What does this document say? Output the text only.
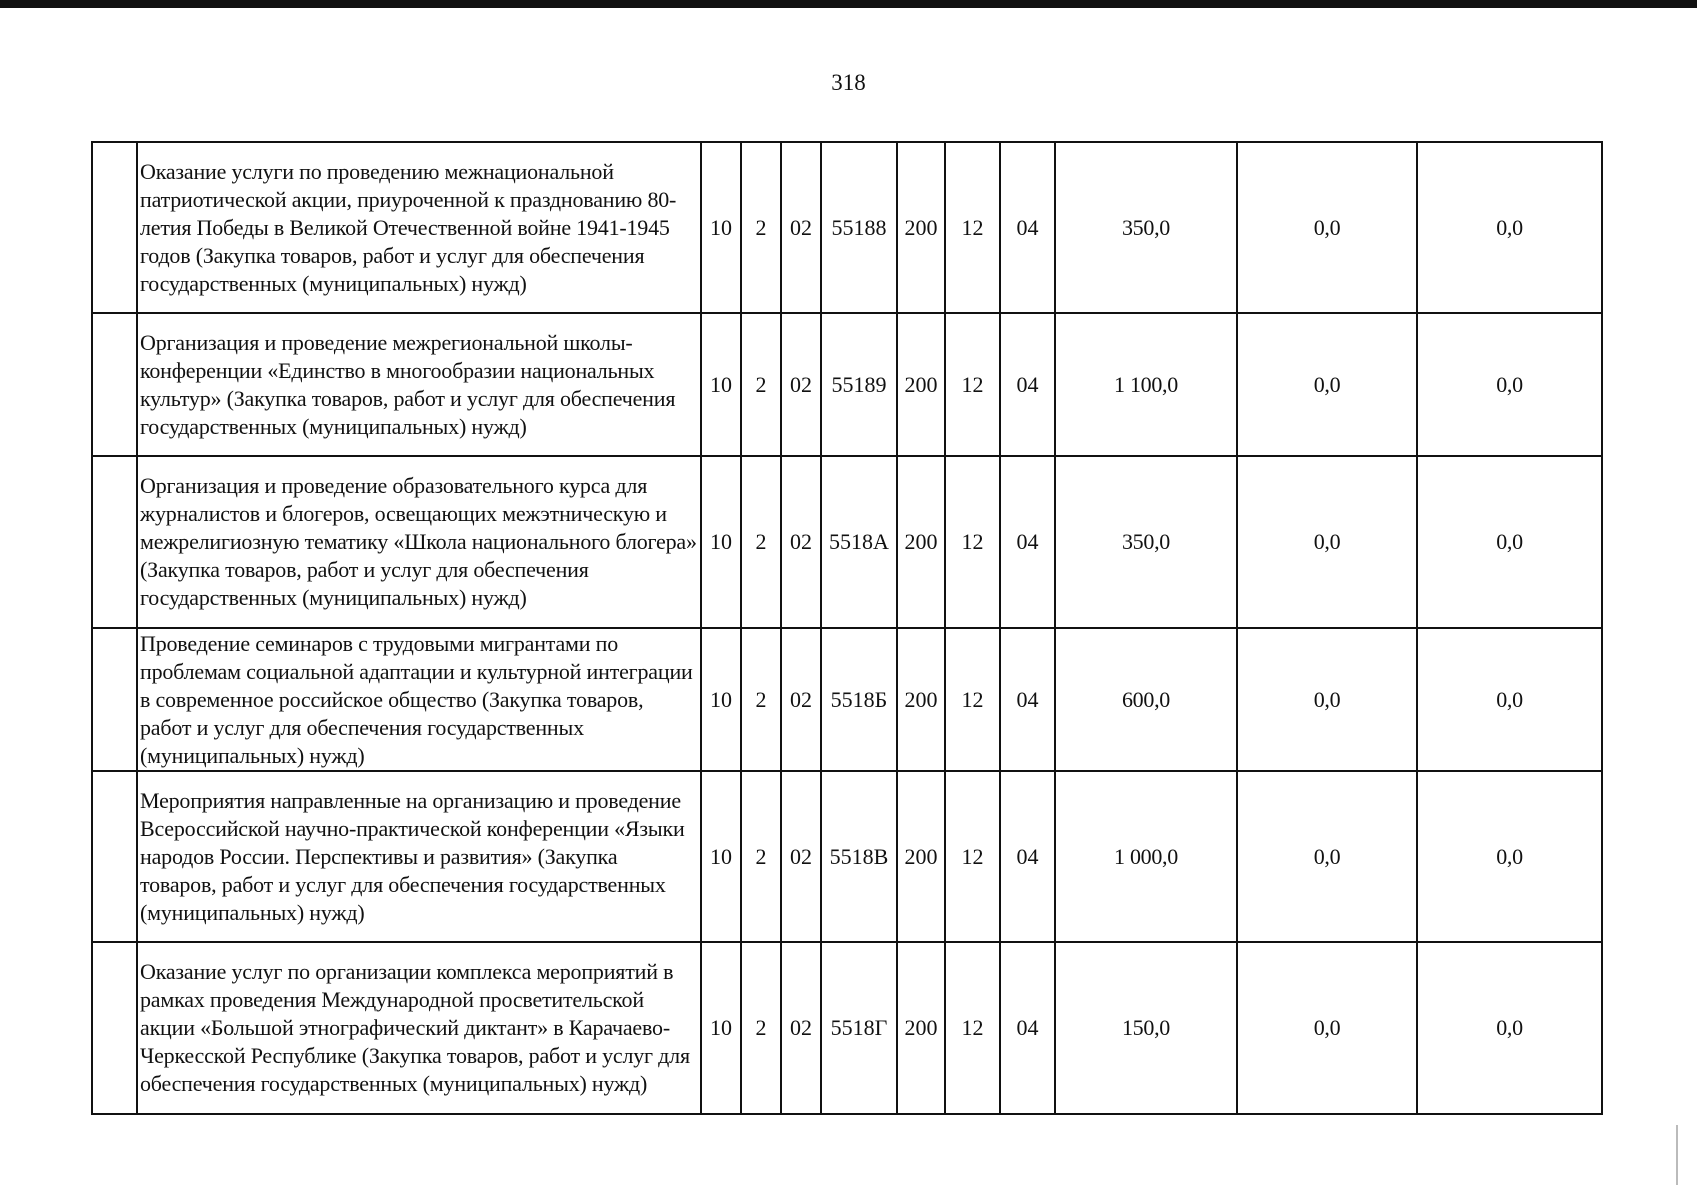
318
	Оказание услуги по проведению межнациональной патриотической акции, приуроченной к празднованию 80-летия Победы в Великой Отечественной войне 1941-1945 годов (Закупка товаров, работ и услуг для обеспечения государственных (муниципальных) нужд)	10	2	02	55188	200	12	04	350,0	0,0	0,0
	Организация и проведение межрегиональной школы-конференции «Единство в многообразии национальных культур» (Закупка товаров, работ и услуг для обеспечения государственных (муниципальных) нужд)	10	2	02	55189	200	12	04	1 100,0	0,0	0,0
	Организация и проведение образовательного курса для журналистов и блогеров, освещающих межэтническую и межрелигиозную тематику «Школа национального блогера» (Закупка товаров, работ и услуг для обеспечения государственных (муниципальных) нужд)	10	2	02	5518А	200	12	04	350,0	0,0	0,0
	Проведение семинаров с трудовыми мигрантами по проблемам социальной адаптации и культурной интеграции в современное российское общество (Закупка товаров, работ и услуг для обеспечения государственных (муниципальных) нужд)	10	2	02	5518Б	200	12	04	600,0	0,0	0,0
	Мероприятия направленные на организацию и проведение Всероссийской научно-практической конференции «Языки народов России. Перспективы и развития» (Закупка товаров, работ и услуг для обеспечения государственных (муниципальных) нужд)	10	2	02	5518В	200	12	04	1 000,0	0,0	0,0
	Оказание услуг по организации комплекса мероприятий в рамках проведения Международной просветительской акции «Большой этнографический диктант» в Карачаево-Черкесской Республике (Закупка товаров, работ и услуг для обеспечения государственных (муниципальных) нужд)	10	2	02	5518Г	200	12	04	150,0	0,0	0,0
